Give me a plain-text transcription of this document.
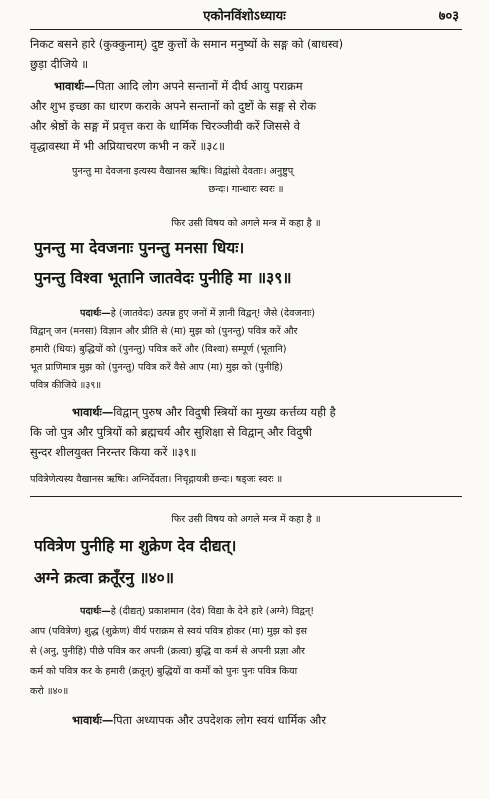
एकोनविंशोऽध्यायः	७०३
निकट बसने हारे (कुक्कुनाम्) दुष्ट कुत्तों के समान मनुष्यों के सङ्ग को (बाधस्व)
छुड़ा दीजिये ॥
भावार्थः—पिता आदि लोग अपने सन्तानों में दीर्घ आयु पराक्रम
और शुभ इच्छा का धारण कराके अपने सन्तानों को दुष्टों के सङ्ग से रोक
और श्रेष्ठों के सङ्ग में प्रवृत्त करा के धार्मिक चिरञ्जीवी करें जिससे वे
वृद्धावस्था में भी अप्रियाचरण कभी न करें ॥३८॥
पुनन्तु मा देवजना इत्यस्य वैखानस ऋषिः। विद्वांसो देवताः। अनुष्टुप्
छन्दः। गान्धारः स्वरः ॥
फिर उसी विषय को अगले मन्त्र में कहा है ॥
पुनन्तु मा देवजनाः पुनन्तु मनसा धियः।
पुनन्तु विश्वा भूतानि जातवेदः पुनीहि मा ॥३९॥
पदार्थः—हे (जातवेदः) उत्पन्न हुए जनों में ज्ञानी विद्वन्! जैसे (देवजनाः)
विद्वान् जन (मनसा) विज्ञान और प्रीति से (मा) मुझ को (पुनन्तु) पवित्र करें और
हमारी (धियः) बुद्धियों को (पुनन्तु) पवित्र करें और (विश्वा) सम्पूर्ण (भूतानि)
भूत प्राणिमात्र मुझ को (पुनन्तु) पवित्र करें वैसे आप (मा) मुझ को (पुनीहि)
पवित्र कीजिये ॥३९॥
भावार्थः—विद्वान् पुरुष और विदुषी स्त्रियों का मुख्य कर्त्तव्य यही है
कि जो पुत्र और पुत्रियों को ब्रह्मचर्य और सुशिक्षा से विद्वान् और विदुषी
सुन्दर शीलयुक्त निरन्तर किया करें ॥३९॥
पवित्रेणेत्यस्य वैखानस ऋषिः। अग्निर्देवता। निचृद्गायत्री छन्दः। षड्जः स्वरः ॥
फिर उसी विषय को अगले मन्त्र में कहा है ॥
पवित्रेण पुनीहि मा शुक्रेण देव दीद्यत्।
अग्ने क्रत्वा क्रतूँरनु ॥४०॥
पदार्थः—हे (दीद्यत्) प्रकाशमान (देव) विद्या के देने हारे (अग्ने) विद्वन्!
आप (पवित्रेण) शुद्ध (शुक्रेण) वीर्य पराक्रम से स्वयं पवित्र होकर (मा) मुझ को इस
से (अनु, पुनीहि) पीछे पवित्र कर अपनी (क्रत्वा) बुद्धि वा कर्म से अपनी प्रज्ञा और
कर्म को पवित्र कर के हमारी (क्रतून्) बुद्धियों वा कर्मों को पुनः पुनः पवित्र किया
करो ॥४०॥
भावार्थः—पिता अध्यापक और उपदेशक लोग स्वयं धार्मिक और
